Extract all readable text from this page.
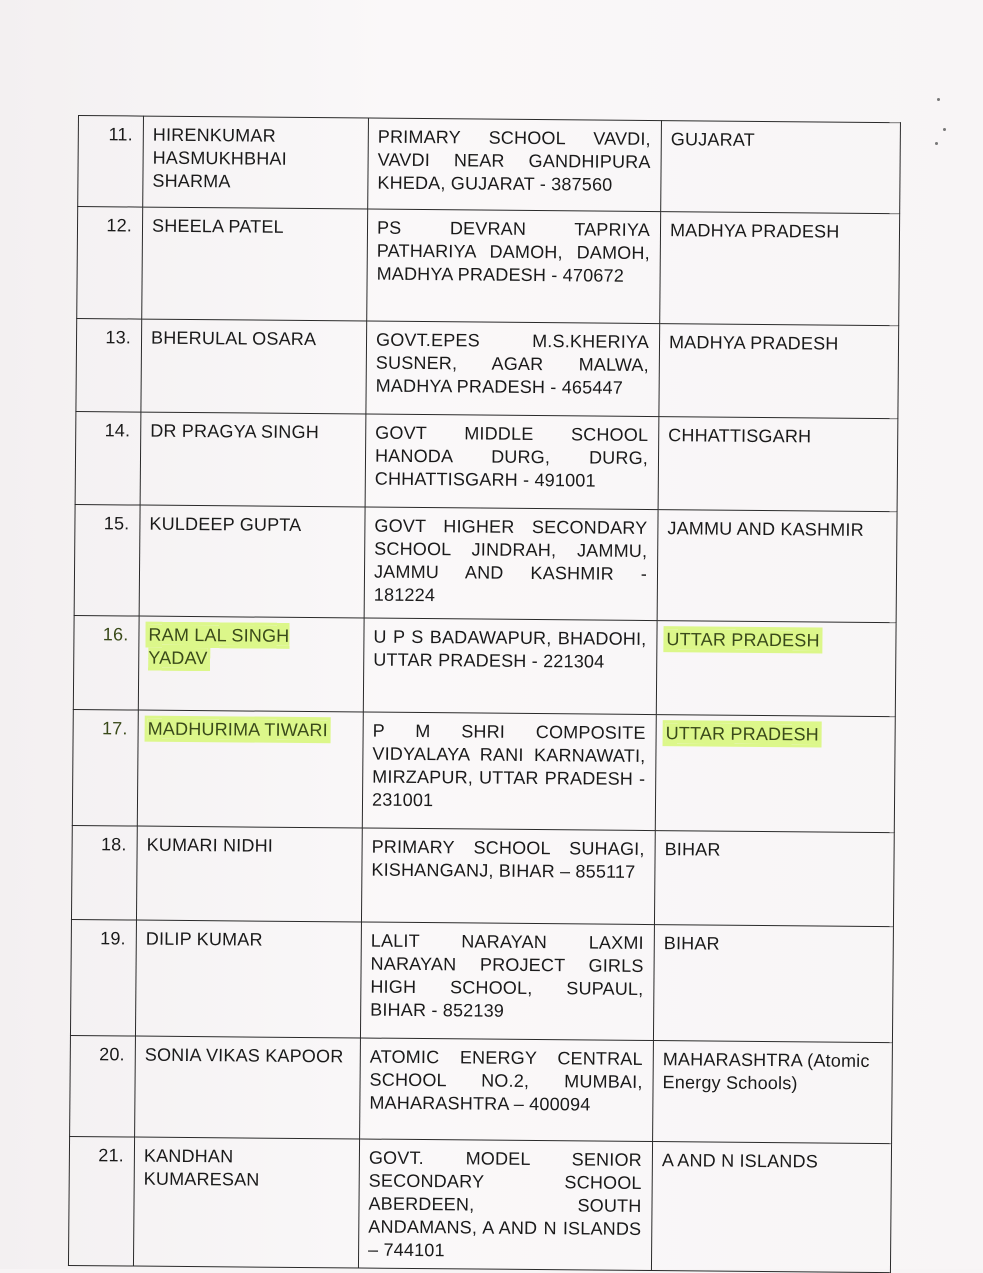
11.	HIRENKUMAR HASMUKHBHAI SHARMA	PRIMARY SCHOOL VAVDI, VAVDI NEAR GANDHIPURA KHEDA, GUJARAT - 387560	GUJARAT
12.	SHEELA PATEL	PS DEVRAN TAPRIYA PATHARIYA DAMOH, DAMOH, MADHYA PRADESH - 470672	MADHYA PRADESH
13.	BHERULAL OSARA	GOVT.EPES M.S.KHERIYA SUSNER, AGAR MALWA, MADHYA PRADESH - 465447	MADHYA PRADESH
14.	DR PRAGYA SINGH	GOVT MIDDLE SCHOOL HANODA DURG, DURG, CHHATTISGARH - 491001	CHHATTISGARH
15.	KULDEEP GUPTA	GOVT HIGHER SECONDARY SCHOOL JINDRAH, JAMMU, JAMMU AND KASHMIR - 181224	JAMMU AND KASHMIR
16.	RAM LAL SINGH YADAV	U P S BADAWAPUR, BHADOHI, UTTAR PRADESH - 221304	UTTAR PRADESH
17.	MADHURIMA TIWARI	P M SHRI COMPOSITE VIDYALAYA RANI KARNAWATI, MIRZAPUR, UTTAR PRADESH - 231001	UTTAR PRADESH
18.	KUMARI NIDHI	PRIMARY SCHOOL SUHAGI, KISHANGANJ, BIHAR – 855117	BIHAR
19.	DILIP KUMAR	LALIT NARAYAN LAXMI NARAYAN PROJECT GIRLS HIGH SCHOOL, SUPAUL, BIHAR - 852139	BIHAR
20.	SONIA VIKAS KAPOOR	ATOMIC ENERGY CENTRAL SCHOOL NO.2, MUMBAI, MAHARASHTRA – 400094	MAHARASHTRA (Atomic Energy Schools)
21.	KANDHAN KUMARESAN	GOVT. MODEL SENIOR SECONDARY SCHOOL ABERDEEN, SOUTH ANDAMANS, A AND N ISLANDS – 744101	A AND N ISLANDS
